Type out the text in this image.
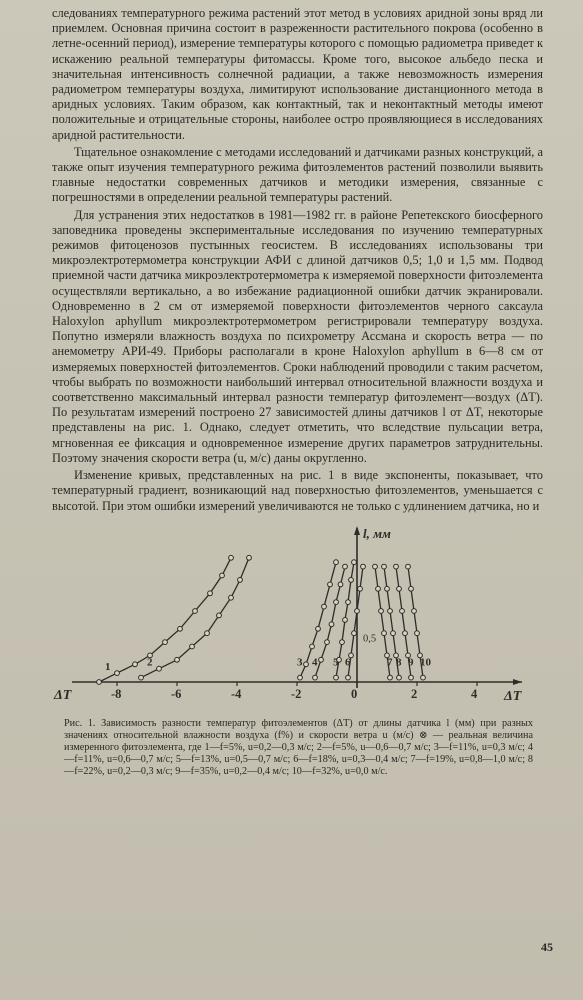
следованиях температурного режима растений этот метод в условиях аридной зоны вряд ли приемлем. Основная причина состоит в разреженности растительного покрова (особенно в летне-осенний период), измерение температуры которого с помощью радиометра приведет к искажению реальной температуры фитомассы. Кроме того, высокое альбедо песка и значительная интенсивность солнечной радиации, а также невозможность измерения радиометром температуры воздуха, лимитируют использование дистанционного метода в аридных условиях. Таким образом, как контактный, так и неконтактный методы имеют положительные и отрицательные стороны, наиболее остро проявляющиеся в исследованиях аридной растительности.

Тщательное ознакомление с методами исследований и датчиками разных конструкций, а также опыт изучения температурного режима фитоэлементов растений позволили выявить главные недостатки современных датчиков и методики измерения, связанные с погрешностями в определении реальной температуры растений.

Для устранения этих недостатков в 1981—1982 гг. в районе Репетекского биосферного заповедника проведены экспериментальные исследования по изучению температурных режимов фитоценозов пустынных геосистем. В исследованиях использованы три микроэлектротермометра конструкции АФИ с длиной датчиков 0,5; 1,0 и 1,5 мм. Подвод приемной части датчика микроэлектротермометра к измеряемой поверхности фитоэлемента осуществляли вертикально, а во избежание радиационной ошибки датчик экранировали. Одновременно в 2 см от измеряемой поверхности фитоэлементов черного саксаула Haloxylon aphyllum микроэлектротермометром регистрировали температуру воздуха. Попутно измеряли влажность воздуха по психрометру Ассмана и скорость ветра — по анемометру АРИ-49. Приборы располагали в кроне Haloxylon aphyllum в 6—8 см от измеряемых поверхностей фитоэлементов. Сроки наблюдений проводили с таким расчетом, чтобы выбрать по возможности наибольший интервал относительной влажности воздуха и соответственно максимальный интервал разности температур фитоэлемент—воздух (ΔT). По результатам измерений построено 27 зависимостей длины датчиков l от ΔT, некоторые представлены на рис. 1. Однако, следует отметить, что вследствие пульсации ветра, мгновенная ее фиксация и одновременное измерение других параметров затруднительны. Поэтому значения скорости ветра (u, м/с) даны округленно.

Изменение кривых, представленных на рис. 1 в виде экспоненты, показывает, что температурный градиент, возникающий над поверхностью фитоэлементов, уменьшается с высотой. При этом ошибки измерений увеличиваются не только с удлинением датчика, но и

l, мм
ΔT
ΔT	-8	-6	-4	-2	0	2	4
0,5
1	2	3 4 5 6	7 8 9 10
Рис. 1. Зависимость разности температур фитоэлементов (ΔT) от длины датчика l (мм) при разных значениях относительной влажности воздуха (f%) и скорости ветра u (м/с) ⊗ — реальная величина измеренного фитоэлемента, где 1—f=5%, u=0,2—0,3 м/с; 2—f=5%, u—0,6—0,7 м/с; 3—f=11%, u=0,3 м/с; 4—f=11%, u=0,6—0,7 м/с; 5—f=13%, u=0,5—0,7 м/с; 6—f=18%, u=0,3—0,4 м/с; 7—f=19%, u=0,8—1,0 м/с; 8—f=22%, u=0,2—0,3 м/с; 9—f=35%, u=0,2—0,4 м/с; 10—f=32%, u=0,0 м/с.
45
